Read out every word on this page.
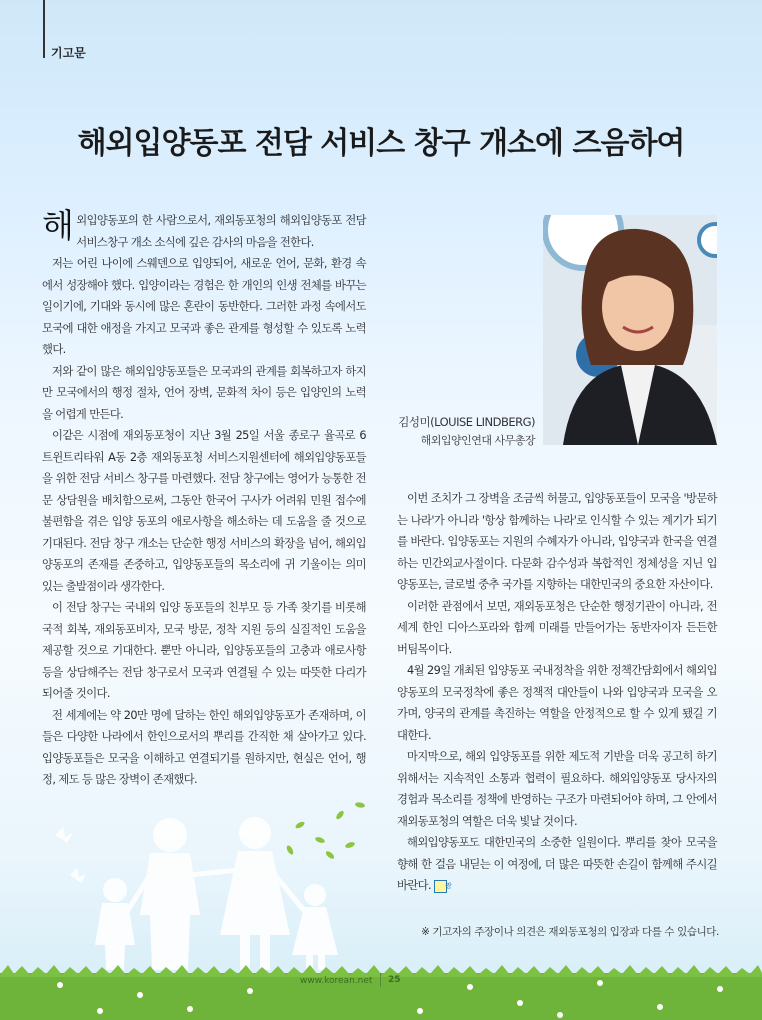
기고문
해외입양동포 전담 서비스 창구 개소에 즈음하여

해외입양동포의 한 사람으로서, 재외동포청의 해외입양동포 전담 서비스창구 개소 소식에 깊은 감사의 마음을 전한다.

저는 어린 나이에 스웨덴으로 입양되어, 새로운 언어, 문화, 환경 속에서 성장해야 했다. 입양이라는 경험은 한 개인의 인생 전체를 바꾸는 일이기에, 기대와 동시에 많은 혼란이 동반한다. 그러한 과정 속에서도 모국에 대한 애정을 가지고 모국과 좋은 관계를 형성할 수 있도록 노력했다.

저와 같이 많은 해외입양동포들은 모국과의 관계를 회복하고자 하지만 모국에서의 행정 절차, 언어 장벽, 문화적 차이 등은 입양인의 노력을 어렵게 만든다.

이같은 시점에 재외동포청이 지난 3월 25일 서울 종로구 율곡로 6 트윈트리타워 A동 2층 재외동포청 서비스지원센터에 해외입양동포들을 위한 전담 서비스 창구를 마련했다. 전담 창구에는 영어가 능통한 전문 상담원을 배치함으로써, 그동안 한국어 구사가 어려워 민원 접수에 불편함을 겪은 입양 동포의 애로사항을 해소하는 데 도움을 줄 것으로 기대된다. 전담 창구 개소는 단순한 행정 서비스의 확장을 넘어, 해외입양동포의 존재를 존중하고, 입양동포들의 목소리에 귀 기울이는 의미 있는 출발점이라 생각한다.

이 전담 창구는 국내외 입양 동포들의 친부모 등 가족 찾기를 비롯해 국적 회복, 재외동포비자, 모국 방문, 정착 지원 등의 실질적인 도움을 제공할 것으로 기대한다. 뿐만 아니라, 입양동포들의 고충과 애로사항 등을 상담해주는 전담 창구로서 모국과 연결될 수 있는 따뜻한 다리가 되어줄 것이다.

전 세계에는 약 20만 명에 달하는 한인 해외입양동포가 존재하며, 이들은 다양한 나라에서 한인으로서의 뿌리를 간직한 채 살아가고 있다. 입양동포들은 모국을 이해하고 연결되기를 원하지만, 현실은 언어, 행정, 제도 등 많은 장벽이 존재했다.

김성미(LOUISE LINDBERG)
해외입양인연대 사무총장

이번 조치가 그 장벽을 조금씩 허물고, 입양동포들이 모국을 '방문하는 나라'가 아니라 '항상 함께하는 나라'로 인식할 수 있는 계기가 되기를 바란다. 입양동포는 지원의 수혜자가 아니라, 입양국과 한국을 연결하는 민간외교사절이다. 다문화 감수성과 복합적인 정체성을 지닌 입양동포는, 글로벌 중추 국가를 지향하는 대한민국의 중요한 자산이다.

이러한 관점에서 보면, 재외동포청은 단순한 행정기관이 아니라, 전 세계 한인 디아스포라와 함께 미래를 만들어가는 동반자이자 든든한 버팀목이다.

4월 29일 개최된 입양동포 국내정착을 위한 정책간담회에서 해외입양동포의 모국정착에 좋은 정책적 대안들이 나와 입양국과 모국을 오가며, 양국의 관계를 촉진하는 역할을 안정적으로 할 수 있게 됐길 기대한다.

마지막으로, 해외 입양동포를 위한 제도적 기반을 더욱 공고히 하기 위해서는 지속적인 소통과 협력이 필요하다. 해외입양동포 당사자의 경험과 목소리를 정책에 반영하는 구조가 마련되어야 하며, 그 안에서 재외동포청의 역할은 더욱 빛날 것이다.

해외입양동포도 대한민국의 소중한 일원이다. 뿌리를 찾아 모국을 향해 한 걸음 내딛는 이 여정에, 더 많은 따뜻한 손길이 함께해 주시길 바란다. 짱

※ 기고자의 주장이나 의견은 재외동포청의 입장과 다를 수 있습니다.
www.korean.net 25
